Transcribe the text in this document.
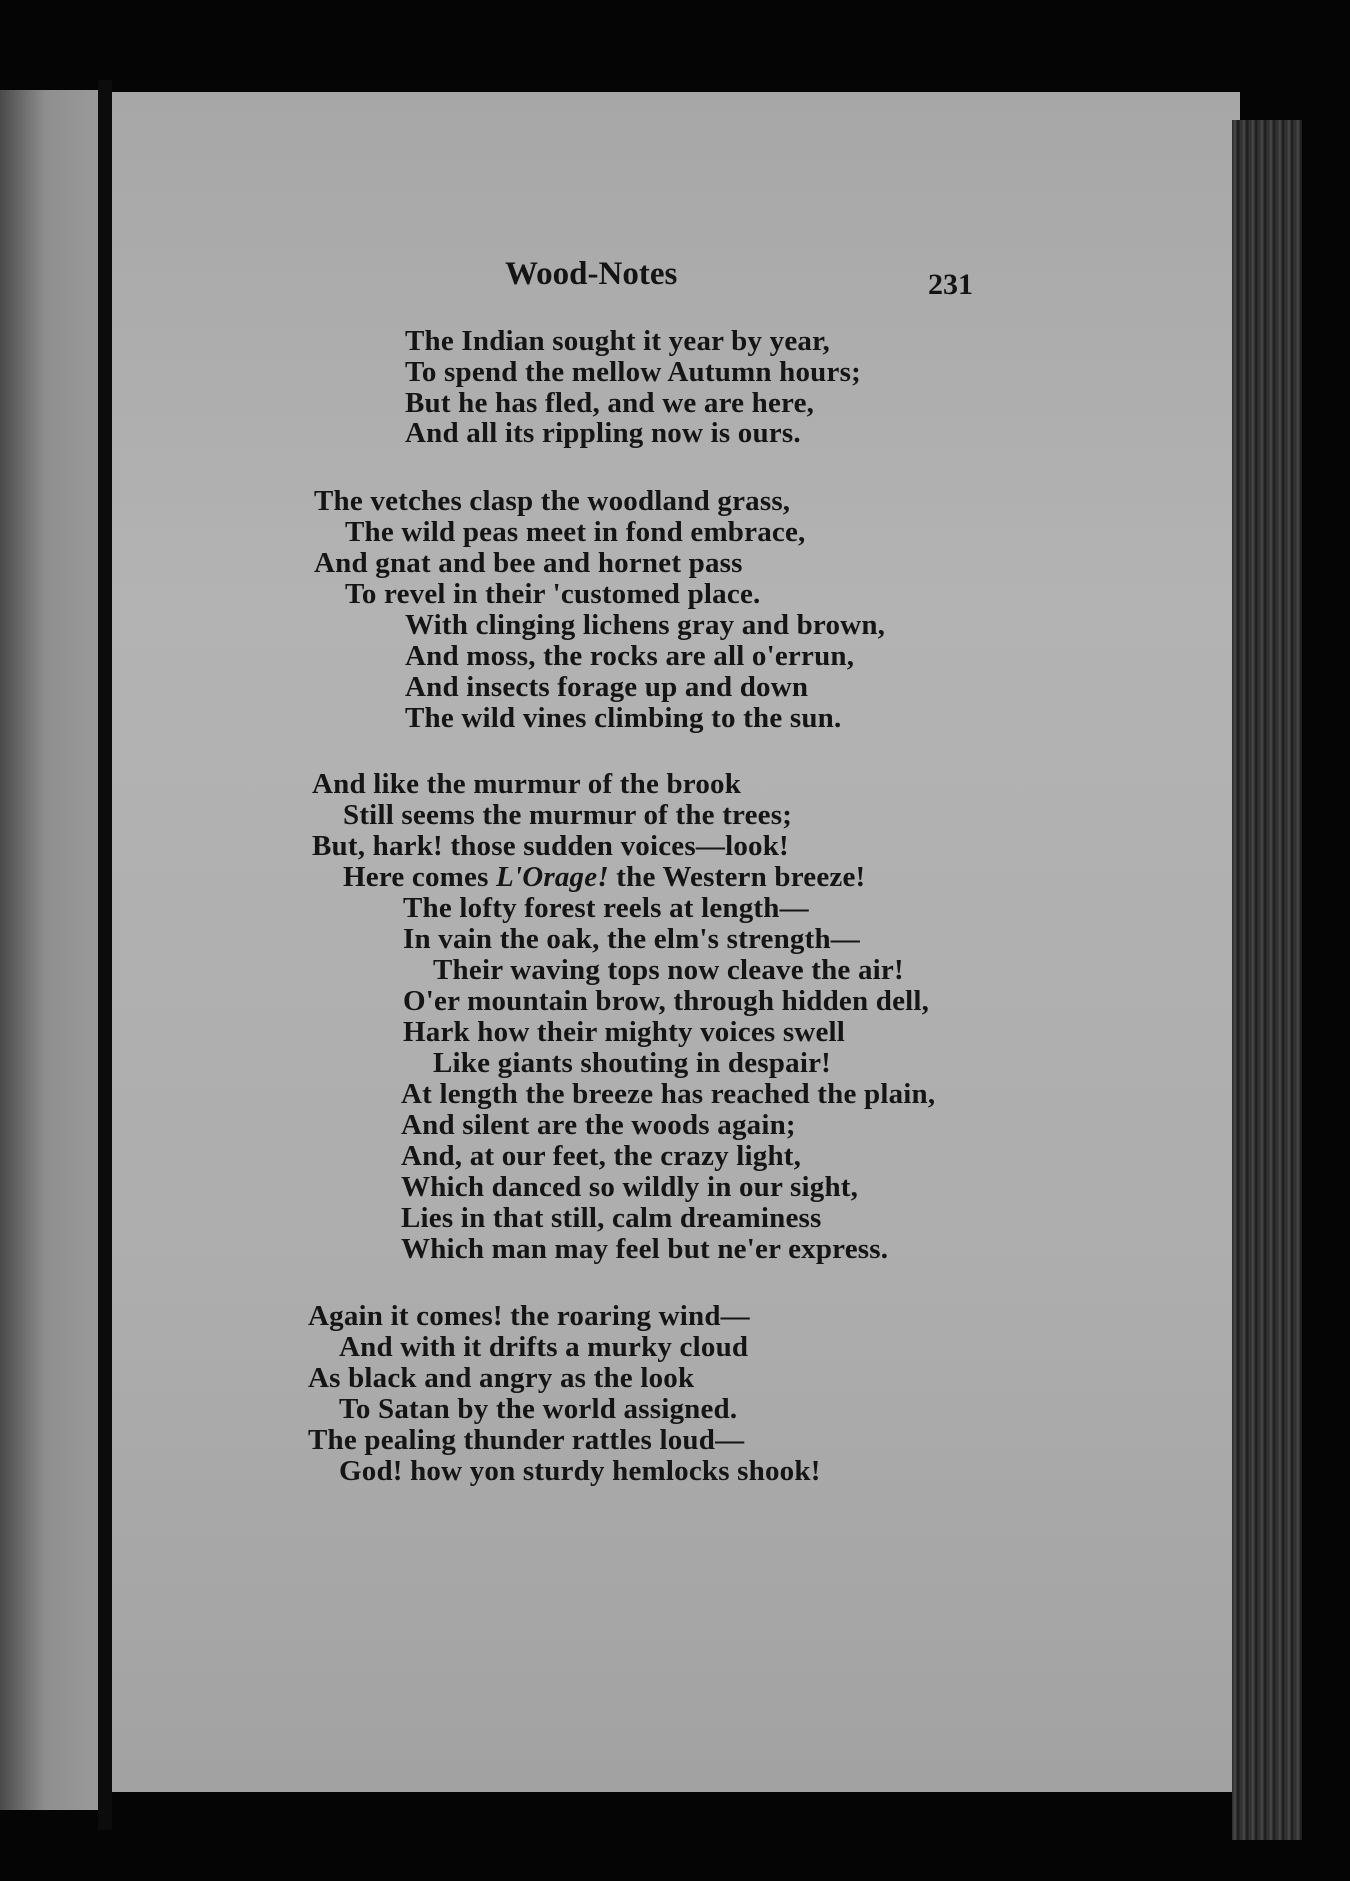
Wood-Notes	231
The Indian sought it year by year,
To spend the mellow Autumn hours;
But he has fled, and we are here,
And all its rippling now is ours.
The vetches clasp the woodland grass,
The wild peas meet in fond embrace,
And gnat and bee and hornet pass
To revel in their 'customed place.
With clinging lichens gray and brown,
And moss, the rocks are all o'errun,
And insects forage up and down
The wild vines climbing to the sun.
And like the murmur of the brook
Still seems the murmur of the trees;
But, hark! those sudden voices—look!
Here comes L'Orage! the Western breeze!
The lofty forest reels at length—
In vain the oak, the elm's strength—
Their waving tops now cleave the air!
O'er mountain brow, through hidden dell,
Hark how their mighty voices swell
Like giants shouting in despair!
At length the breeze has reached the plain,
And silent are the woods again;
And, at our feet, the crazy light,
Which danced so wildly in our sight,
Lies in that still, calm dreaminess
Which man may feel but ne'er express.
Again it comes! the roaring wind—
And with it drifts a murky cloud
As black and angry as the look
To Satan by the world assigned.
The pealing thunder rattles loud—
God! how yon sturdy hemlocks shook!
